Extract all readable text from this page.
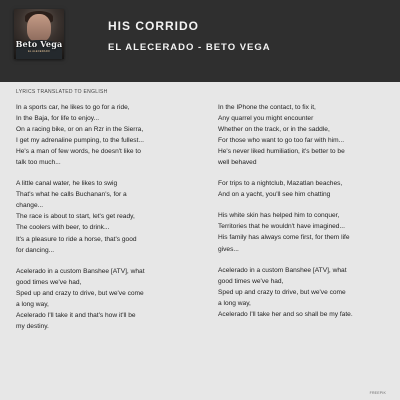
Beto Vega
EL ALECERADO
HIS CORRIDO
EL ALECERADO - BETO VEGA
LYRICS TRANSLATED TO ENGLISH
In a sports car, he likes to go for a ride,
In the Baja, for life to enjoy...
On a racing bike, or on an Rzr in the Sierra,
I get my adrenaline pumping, to the fullest...
He's a man of few words, he doesn't like to
talk too much...
A little canal water, he likes to swig
That's what he calls Buchanan's, for a
change...
The race is about to start, let's get ready,
The coolers with beer, to drink...
It's a pleasure to ride a horse, that's good
for dancing...
Acelerado in a custom Banshee [ATV], what
good times we've had,
Sped up and crazy to drive, but we've come
a long way,
Acelerado I'll take it and that's how it'll be
my destiny.
In the IPhone the contact, to fix it,
Any quarrel you might encounter
Whether on the track, or in the saddle,
For those who want to go too far with him...
He's never liked humiliation, it's better to be
well behaved
For trips to a nightclub, Mazatlan beaches,
And on a yacht, you'll see him chatting
His white skin has helped him to conquer,
Territories that he wouldn't have imagined...
His family has always come first, for them life
gives...
Acelerado in a custom Banshee [ATV], what
good times we've had,
Sped up and crazy to drive, but we've come
a long way,
Acelerado I'll take her and so shall be my fate.
FREEPIK
